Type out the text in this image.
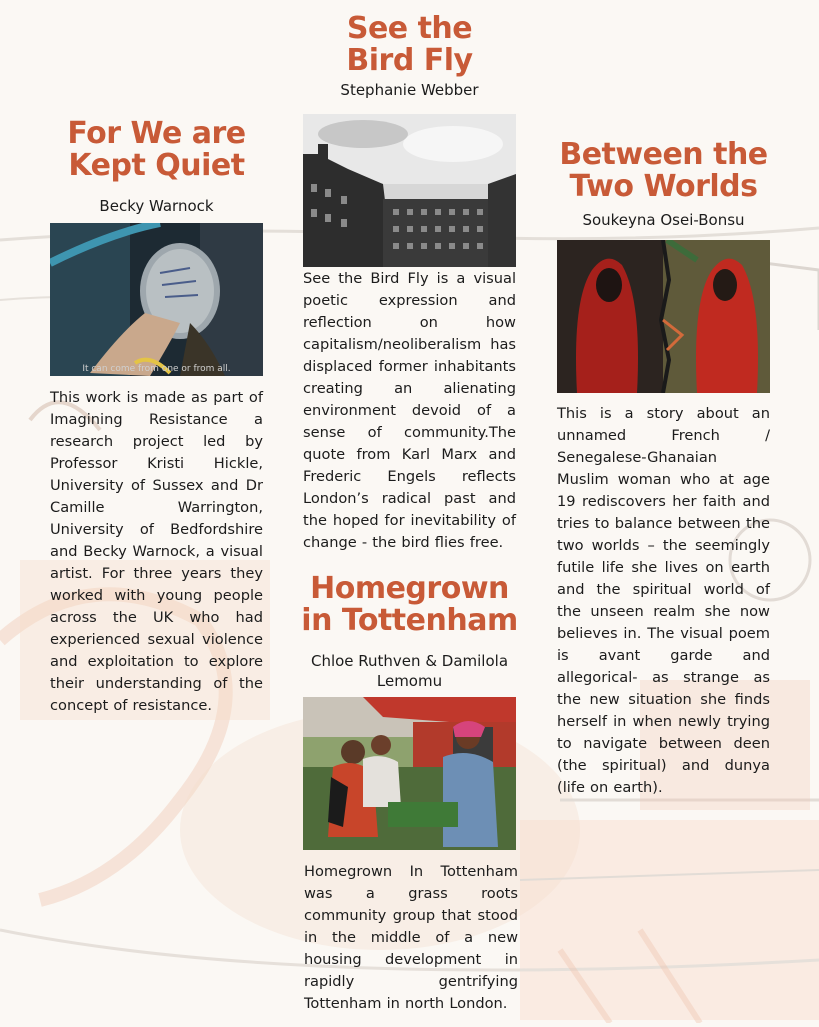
For We are
Kept Quiet

Becky Warnock

It can come from one or from all.

This work is made as part of Imagining Resistance a research project led by Professor Kristi Hickle, University of Sussex and Dr Camille Warrington, University of Bedfordshire and Becky Warnock, a visual artist. For three years they worked with young people across the UK who had experienced sexual violence and exploitation to explore their understanding of the concept of resistance.

See the
Bird Fly

Stephanie Webber

See the Bird Fly is a visual poetic expression and reflection on how capitalism/neoliberalism has displaced former inhabitants creating an alienating environment devoid of a sense of community.The quote from Karl Marx and Frederic Engels reflects London’s radical past and the hoped for inevitability of change - the bird flies free.

Homegrown
in Tottenham

Chloe Ruthven & Damilola Lemomu

Homegrown In Tottenham was a grass roots community group that stood in the middle of a new housing development in rapidly gentrifying Tottenham in north London.

Between the
Two Worlds

Soukeyna Osei-Bonsu

This is a story about an unnamed French / Senegalese-Ghanaian Muslim woman who at age 19 rediscovers her faith and tries to balance between the two worlds – the seemingly futile life she lives on earth and the spiritual world of the unseen realm she now believes in. The visual poem is avant garde and allegorical- as strange as the new situation she finds herself in when newly trying to navigate between deen (the spiritual) and dunya (life on earth).
